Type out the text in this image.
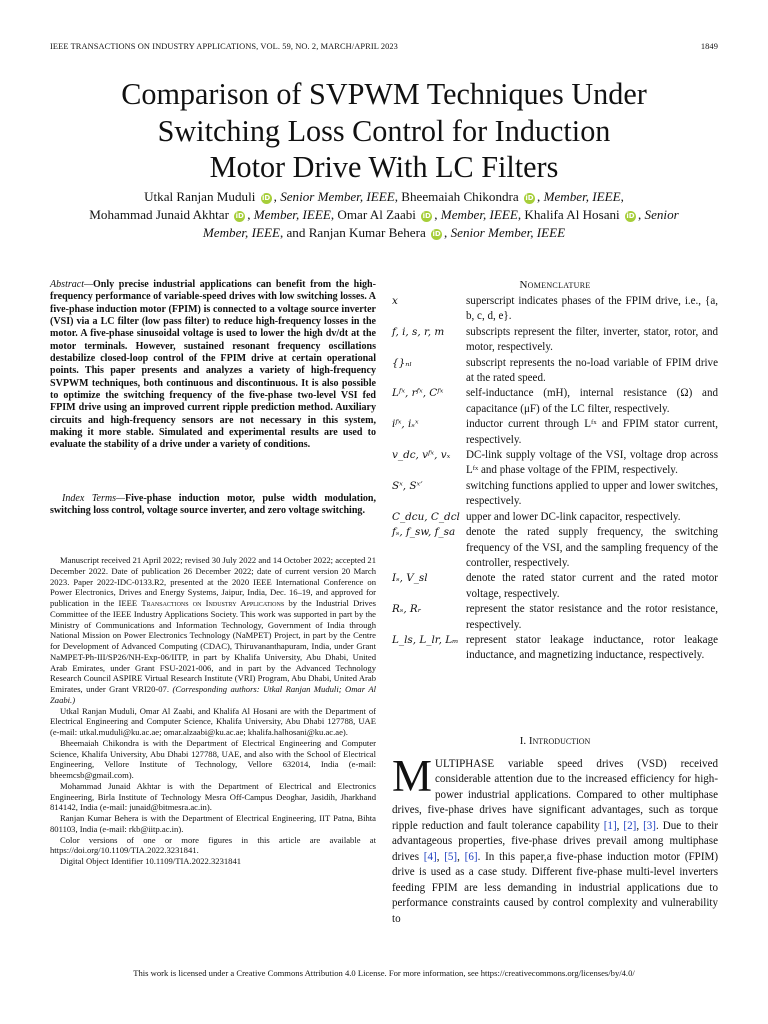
IEEE TRANSACTIONS ON INDUSTRY APPLICATIONS, VOL. 59, NO. 2, MARCH/APRIL 2023	1849
Comparison of SVPWM Techniques Under
Switching Loss Control for Induction
Motor Drive With LC Filters
Utkal Ranjan Muduli iD , Senior Member, IEEE, Bheemaiah Chikondra iD , Member, IEEE,
Mohammad Junaid Akhtar iD , Member, IEEE, Omar Al Zaabi iD , Member, IEEE, Khalifa Al Hosani iD , Senior Member, IEEE, and Ranjan Kumar Behera iD , Senior Member, IEEE
Abstract—Only precise industrial applications can benefit from the high-frequency performance of variable-speed drives with low switching losses. A five-phase induction motor (FPIM) is connected to a voltage source inverter (VSI) via a LC filter (low pass filter) to reduce high-frequency losses in the motor. A five-phase sinusoidal voltage is used to lower the high dv/dt at the motor terminals. However, sustained resonant frequency oscillations destabilize closed-loop control of the FPIM drive at certain operational points. This paper presents and analyzes a variety of high-frequency SVPWM techniques, both continuous and discontinuous. It is also possible to optimize the switching frequency of the five-phase two-level VSI fed FPIM drive using an improved current ripple prediction method. Auxiliary circuits and high-frequency sensors are not necessary in this system, making it more stable. Simulated and experimental results are used to evaluate the stability of a drive under a variety of conditions.
Index Terms—Five-phase induction motor, pulse width modulation, switching loss control, voltage source inverter, and zero voltage switching.

Manuscript received 21 April 2022; revised 30 July 2022 and 14 October 2022; accepted 21 December 2022. Date of publication 26 December 2022; date of current version 20 March 2023. Paper 2022-IDC-0133.R2, presented at the 2020 IEEE International Conference on Power Electronics, Drives and Energy Systems, Jaipur, India, Dec. 16–19, and approved for publication in the IEEE Transactions on Industry Applications by the Industrial Drives Committee of the IEEE Industry Applications Society. This work was supported in part by the Ministry of Communications and Information Technology, Government of India through National Mission on Power Electronics Technology (NaMPET) Project, in part by the Centre for Development of Advanced Computing (CDAC), Thiruvananthapuram, India, under Grant NaMPET-Ph-III/SP26/NH-Exp-06/IITP, in part by Khalifa University, Abu Dhabi, United Arab Emirates, under Grant FSU-2021-006, and in part by the Advanced Technology Research Council ASPIRE Virtual Research Institute (VRI) Program, Abu Dhabi, United Arab Emirates, under Grant VRI20-07. (Corresponding authors: Utkal Ranjan Muduli; Omar Al Zaabi.)

Utkal Ranjan Muduli, Omar Al Zaabi, and Khalifa Al Hosani are with the Department of Electrical Engineering and Computer Science, Khalifa University, Abu Dhabi 127788, UAE (e-mail: utkal.muduli@ku.ac.ae; omar.alzaabi@ku.ac.ae; khalifa.halhosani@ku.ac.ae).

Bheemaiah Chikondra is with the Department of Electrical Engineering and Computer Science, Khalifa University, Abu Dhabi 127788, UAE, and also with the School of Electrical Engineering, Vellore Institute of Technology, Vellore 632014, India (e-mail: bheemcsb@gmail.com).

Mohammad Junaid Akhtar is with the Department of Electrical and Electronics Engineering, Birla Institute of Technology Mesra Off-Campus Deoghar, Jasidih, Jharkhand 814142, India (e-mail: junaid@bitmesra.ac.in).

Ranjan Kumar Behera is with the Department of Electrical Engineering, IIT Patna, Bihta 801103, India (e-mail: rkb@iitp.ac.in).

Color versions of one or more figures in this article are available at https://doi.org/10.1109/TIA.2022.3231841.

Digital Object Identifier 10.1109/TIA.2022.3231841

Nomenclature
x	superscript indicates phases of the FPIM drive, i.e., {a, b, c, d, e}.
f, i, s, r, m	subscripts represent the filter, inverter, stator, rotor, and motor, respectively.
{}ₙₗ	subscript represents the no-load variable of FPIM drive at the rated speed.
Lᶠˣ, rᶠˣ, Cᶠˣ	self-inductance (mH), internal resistance (Ω) and capacitance (μF) of the LC filter, respectively.
iᶠˣ, iₛˣ	inductor current through Lᶠˣ and FPIM stator current, respectively.
v_dc, vᶠˣ, vₓ	DC-link supply voltage of the VSI, voltage drop across Lᶠˣ and phase voltage of the FPIM, respectively.
Sˣ, Sˣ′	switching functions applied to upper and lower switches, respectively.
C_dcu, C_dcl upper and lower DC-link capacitor, respectively.
fₛ, f_sw, f_sa denote the rated supply frequency, the switching frequency of the VSI, and the sampling frequency of the controller, respectively.
Iₛ, V_sl	denote the rated stator current and the rated motor voltage, respectively.
Rₛ, Rᵣ	represent the stator resistance and the rotor resistance, respectively.
L_ls, L_lr, Lₘ represent stator leakage inductance, rotor leakage inductance, and magnetizing inductance, respectively.
I. Introduction
MULTIPHASE variable speed drives (VSD) received considerable attention due to the increased efficiency for high-power industrial applications. Compared to other multiphase drives, five-phase drives have significant advantages, such as torque ripple reduction and fault tolerance capability [1], [2], [3]. Due to their advantageous properties, five-phase drives prevail among multiphase drives [4], [5], [6]. In this paper,a five-phase induction motor (FPIM) drive is used as a case study. Different five-phase multi-level inverters feeding FPIM are less demanding in industrial applications due to performance constraints caused by control complexity and vulnerability to
This work is licensed under a Creative Commons Attribution 4.0 License. For more information, see https://creativecommons.org/licenses/by/4.0/
